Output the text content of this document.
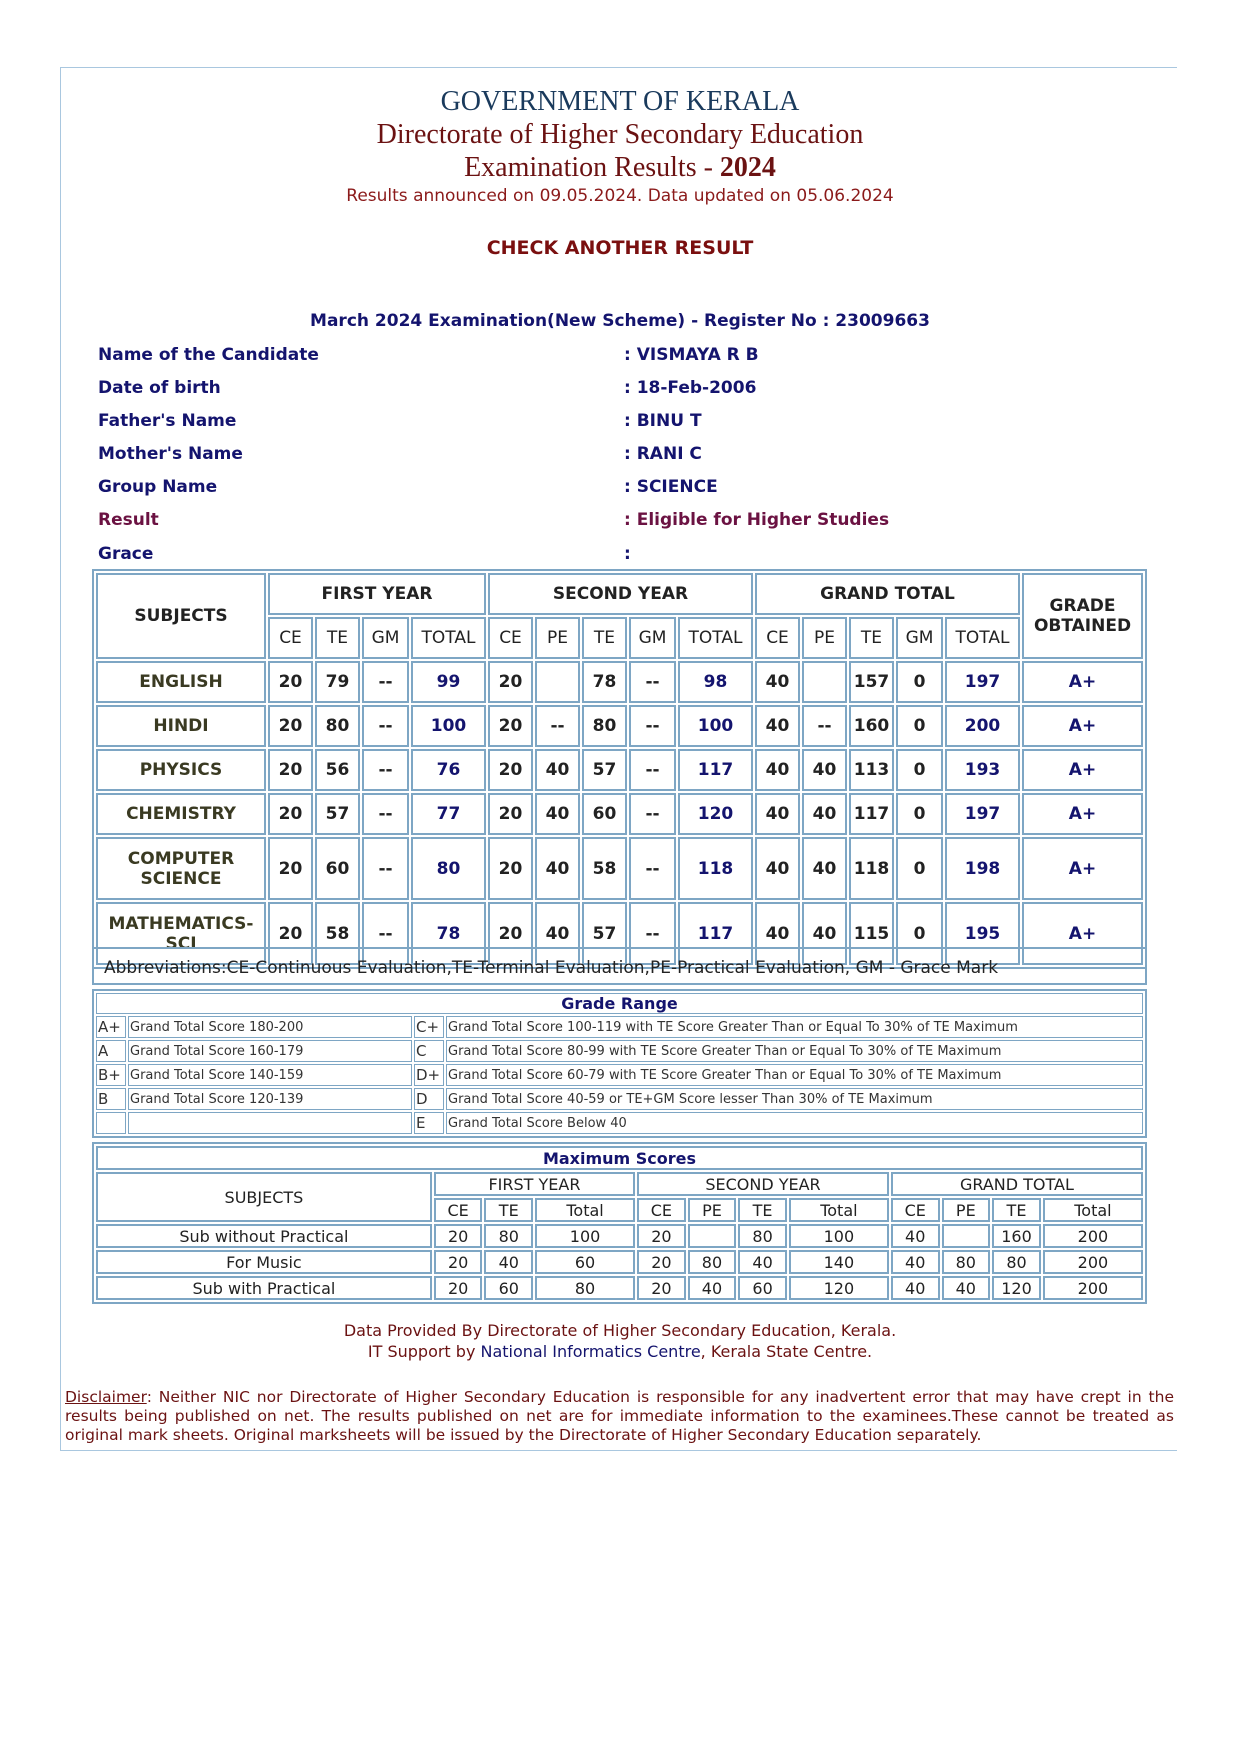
GOVERNMENT OF KERALA
Directorate of Higher Secondary Education
Examination Results - 2024
Results announced on 09.05.2024. Data updated on 05.06.2024
CHECK ANOTHER RESULT
March 2024 Examination(New Scheme) - Register No : 23009663
Name of the Candidate	: VISMAYA R B
Date of birth	: 18-Feb-2006
Father's Name	: BINU T
Mother's Name	: RANI C
Group Name	: SCIENCE
Result	: Eligible for Higher Studies
Grace	:
SUBJECTS	FIRST YEAR				SECOND YEAR					GRAND TOTAL					GRADE OBTAINED
	CE	TE	GM	TOTAL	CE	PE	TE	GM	TOTAL	CE	PE	TE	GM	TOTAL	
ENGLISH	20	79	--	99	20		78	--	98	40		157	0	197	A+
HINDI	20	80	--	100	20	--	80	--	100	40	--	160	0	200	A+
PHYSICS	20	56	--	76	20	40	57	--	117	40	40	113	0	193	A+
CHEMISTRY	20	57	--	77	20	40	60	--	120	40	40	117	0	197	A+
COMPUTER SCIENCE	20	60	--	80	20	40	58	--	118	40	40	118	0	198	A+
MATHEMATICS-SCI	20	58	--	78	20	40	57	--	117	40	40	115	0	195	A+
Abbreviations:CE-Continuous Evaluation,TE-Terminal Evaluation,PE-Practical Evaluation, GM - Grace Mark
Grade Range			
A+	Grand Total Score 180-200	C+	Grand Total Score 100-119 with TE Score Greater Than or Equal To 30% of TE Maximum
A	Grand Total Score 160-179	C	Grand Total Score 80-99 with TE Score Greater Than or Equal To 30% of TE Maximum
B+	Grand Total Score 140-159	D+	Grand Total Score 60-79 with TE Score Greater Than or Equal To 30% of TE Maximum
B	Grand Total Score 120-139	D	Grand Total Score 40-59 or TE+GM Score lesser Than 30% of TE Maximum
		E	Grand Total Score Below 40
Maximum Scores											
SUBJECTS	FIRST YEAR			SECOND YEAR				GRAND TOTAL			
	CE	TE	Total	CE	PE	TE	Total	CE	PE	TE	Total
Sub without Practical	20	80	100	20		80	100	40		160	200
For Music	20	40	60	20	80	40	140	40	80	80	200
Sub with Practical	20	60	80	20	40	60	120	40	40	120	200
Data Provided By Directorate of Higher Secondary Education, Kerala.
IT Support by National Informatics Centre, Kerala State Centre.
Disclaimer: Neither NIC nor Directorate of Higher Secondary Education is responsible for any inadvertent error that may have crept in the results being published on net. The results published on net are for immediate information to the examinees.These cannot be treated as original mark sheets. Original marksheets will be issued by the Directorate of Higher Secondary Education separately.
